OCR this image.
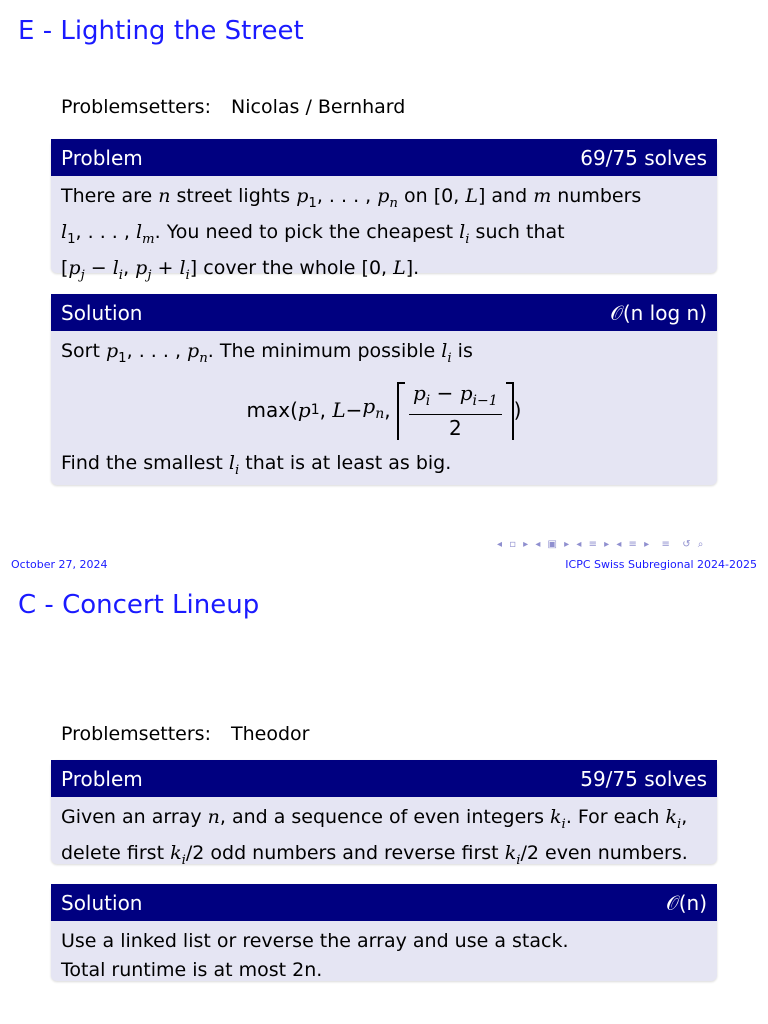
E - Lighting the Street
Problemsetters: Nicolas / Bernhard
Problem	69/75 solves
There are n street lights $p_1$, . . . , $p_n$ on [0, L] and m numbers
$l_1$, . . . , $l_m$. You need to pick the cheapest $l_i$ such that
[$p_j - l_i$, $p_j + l_i$] cover the whole [0, L].
Solution	𝒪(n log n)
Sort $p_1$, . . . , $p_n$. The minimum possible $l_i$ is
max( p 1 , $L - p_n$ , $\frac{p_i - p_{i-1}}{2}$ )
Find the smallest $l_i$ that is at least as big.
◂ ▫ ▸ ◂ ▣ ▸ ◂ ≡ ▸ ◂ ≡ ▸  ≡  ↺ ⌕
October 27, 2024	ICPC Swiss Subregional 2024-2025
C - Concert Lineup
Problemsetters: Theodor
Problem	59/75 solves
Given an array n, and a sequence of even integers $k_i$. For each $k_i$,
delete first $k_i/2$ odd numbers and reverse first $k_i/2$ even numbers.
Solution	𝒪(n)
Use a linked list or reverse the array and use a stack.
Total runtime is at most 2n.
